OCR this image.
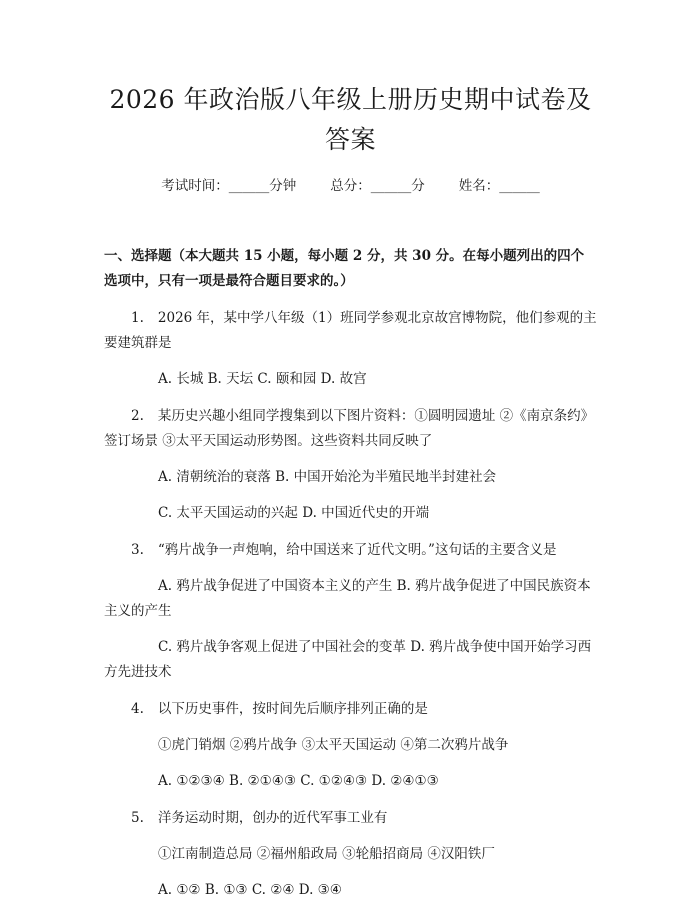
2026 年政治版八年级上册历史期中试卷及答案
考试时间：______分钟	总分：______分	姓名：______
一、选择题（本大题共 15 小题，每小题 2 分，共 30 分。在每小题列出的四个选项中，只有一项是最符合题目要求的。）
1. 2026 年，某中学八年级（1）班同学参观北京故宫博物院，他们参观的主要建筑群是
A. 长城 B. 天坛 C. 颐和园 D. 故宫
2. 某历史兴趣小组同学搜集到以下图片资料：①圆明园遗址 ②《南京条约》签订场景 ③太平天国运动形势图。这些资料共同反映了
A. 清朝统治的衰落 B. 中国开始沦为半殖民地半封建社会
C. 太平天国运动的兴起 D. 中国近代史的开端
3. “鸦片战争一声炮响，给中国送来了近代文明。”这句话的主要含义是
A. 鸦片战争促进了中国资本主义的产生 B. 鸦片战争促进了中国民族资本主义的产生
C. 鸦片战争客观上促进了中国社会的变革 D. 鸦片战争使中国开始学习西方先进技术
4. 以下历史事件，按时间先后顺序排列正确的是
①虎门销烟 ②鸦片战争 ③太平天国运动 ④第二次鸦片战争
A. ①②③④ B. ②①④③ C. ①②④③ D. ②④①③
5. 洋务运动时期，创办的近代军事工业有
①江南制造总局 ②福州船政局 ③轮船招商局 ④汉阳铁厂
A. ①② B. ①③ C. ②④ D. ③④
